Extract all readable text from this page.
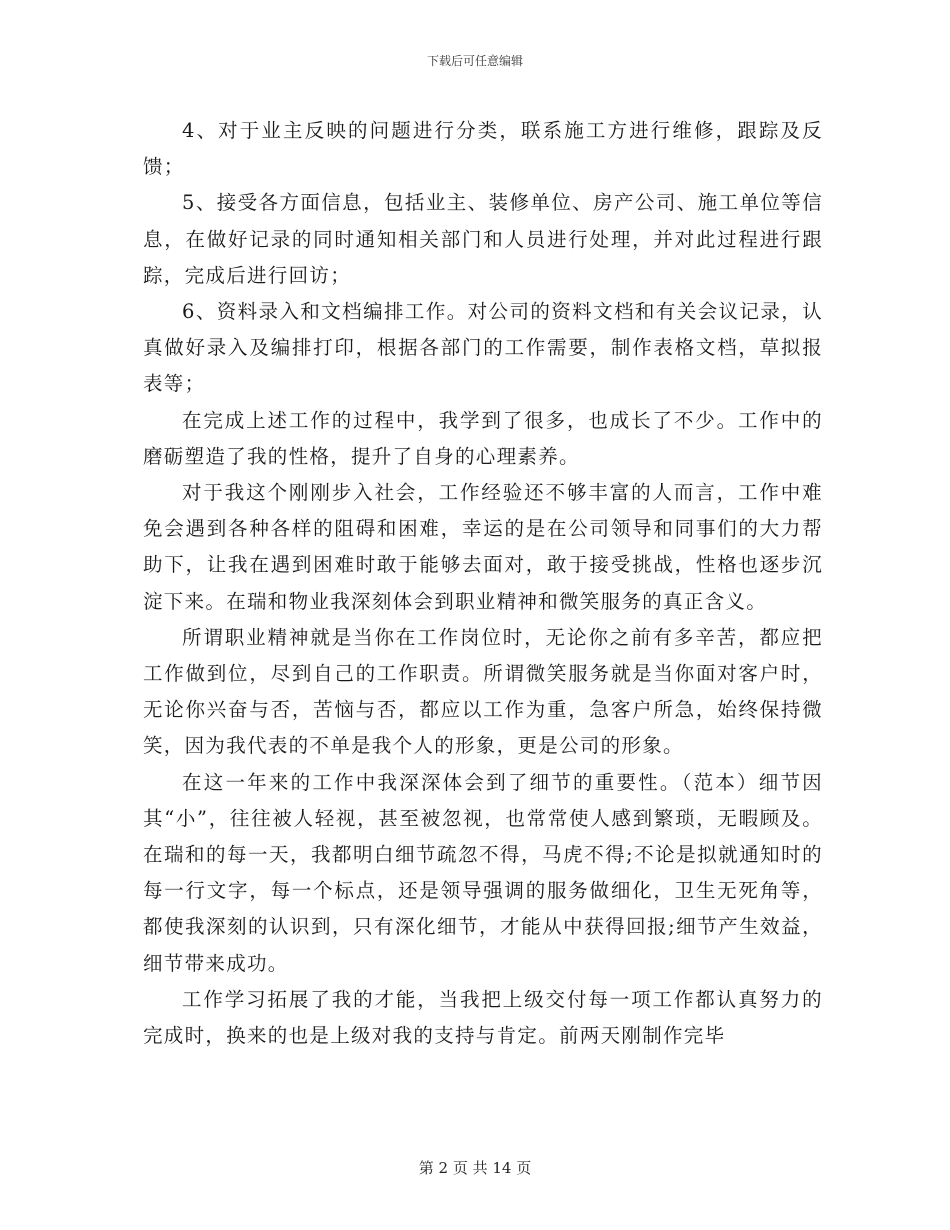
下载后可任意编辑

4、对于业主反映的问题进行分类，联系施工方进行维修，跟踪及反馈；

5、接受各方面信息，包括业主、装修单位、房产公司、施工单位等信息，在做好记录的同时通知相关部门和人员进行处理，并对此过程进行跟踪，完成后进行回访；

6、资料录入和文档编排工作。对公司的资料文档和有关会议记录，认真做好录入及编排打印，根据各部门的工作需要，制作表格文档，草拟报表等；

在完成上述工作的过程中，我学到了很多，也成长了不少。工作中的磨砺塑造了我的性格，提升了自身的心理素养。

对于我这个刚刚步入社会，工作经验还不够丰富的人而言，工作中难免会遇到各种各样的阻碍和困难，幸运的是在公司领导和同事们的大力帮助下，让我在遇到困难时敢于能够去面对，敢于接受挑战，性格也逐步沉淀下来。在瑞和物业我深刻体会到职业精神和微笑服务的真正含义。

所谓职业精神就是当你在工作岗位时，无论你之前有多辛苦，都应把工作做到位，尽到自己的工作职责。所谓微笑服务就是当你面对客户时，无论你兴奋与否，苦恼与否，都应以工作为重，急客户所急，始终保持微笑，因为我代表的不单是我个人的形象，更是公司的形象。

在这一年来的工作中我深深体会到了细节的重要性。（范本）细节因其“小”，往往被人轻视，甚至被忽视，也常常使人感到繁琐，无暇顾及。在瑞和的每一天，我都明白细节疏忽不得，马虎不得;不论是拟就通知时的每一行文字，每一个标点，还是领导强调的服务做细化，卫生无死角等，都使我深刻的认识到，只有深化细节，才能从中获得回报;细节产生效益，细节带来成功。

工作学习拓展了我的才能，当我把上级交付每一项工作都认真努力的完成时，换来的也是上级对我的支持与肯定。前两天刚制作完毕

第 2 页 共 14 页
